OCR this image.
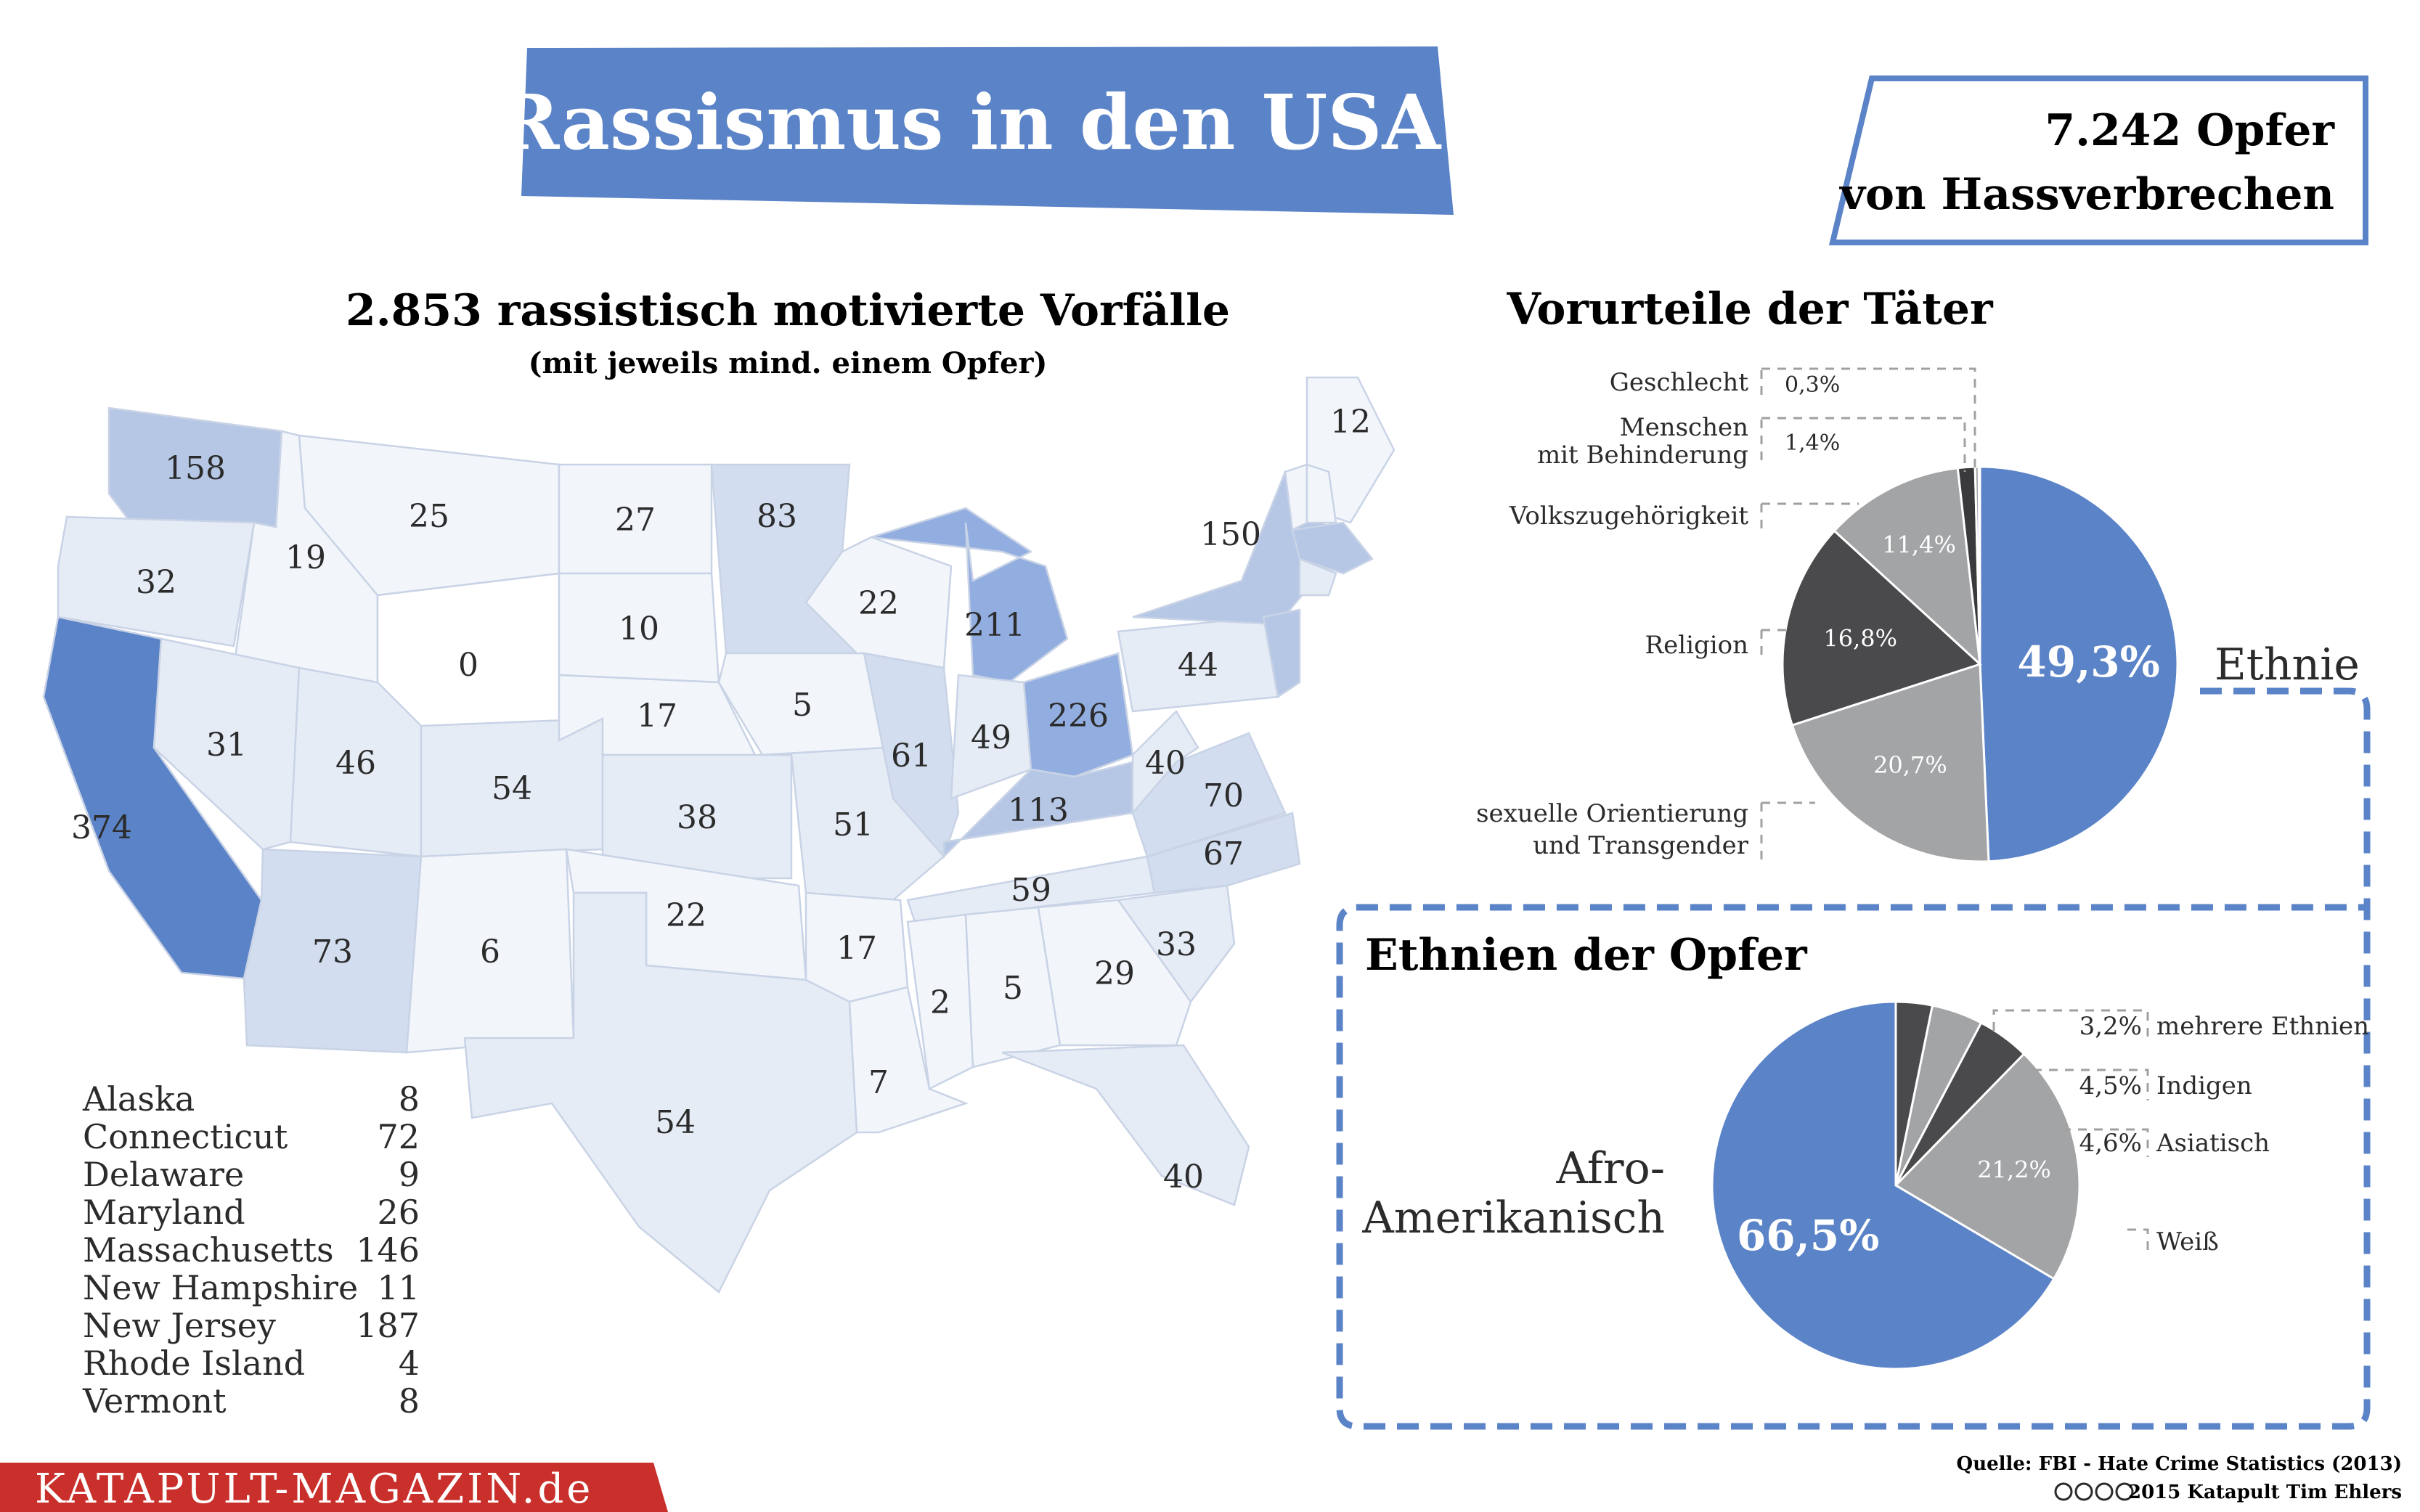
Rassismus in den USA	7.242 Opfer
von Hassverbrechen
2.853 rassistisch motivierte Vorfälle
(mit jeweils mind. einem Opfer)
158
32
374
19
31
25
0
46
73
54
6
27
10
17
38
22
54
83
5
51
17
7
22
61
211
49
226
113
59
2 5 29
40
33
67
70
40
44
150
12
Alaska	8
Connecticut	72
Delaware	9
Maryland	26
Massachusetts 146
New Hampshire 11
New Jersey 187
Rhode Island	4
Vermont	8
Vorurteile der Täter
49,3%
20,7%
16,8%
11,4%
Geschlecht
Menschen
mit Behinderung
Volkszugehörigkeit
Religion
sexuelle Orientierung
und Transgender
0,3%
1,4%
Ethnie
Ethnien der Opfer
21,2%
66,5%
3,2% mehrere Ethnien
4,5% Indigen
4,6% Asiatisch
Weiß
Afro-
Amerikanisch
KATAPULT-MAGAZIN.de
Quelle: FBI - Hate Crime Statistics (2013)
2015 Katapult Tim Ehlers
